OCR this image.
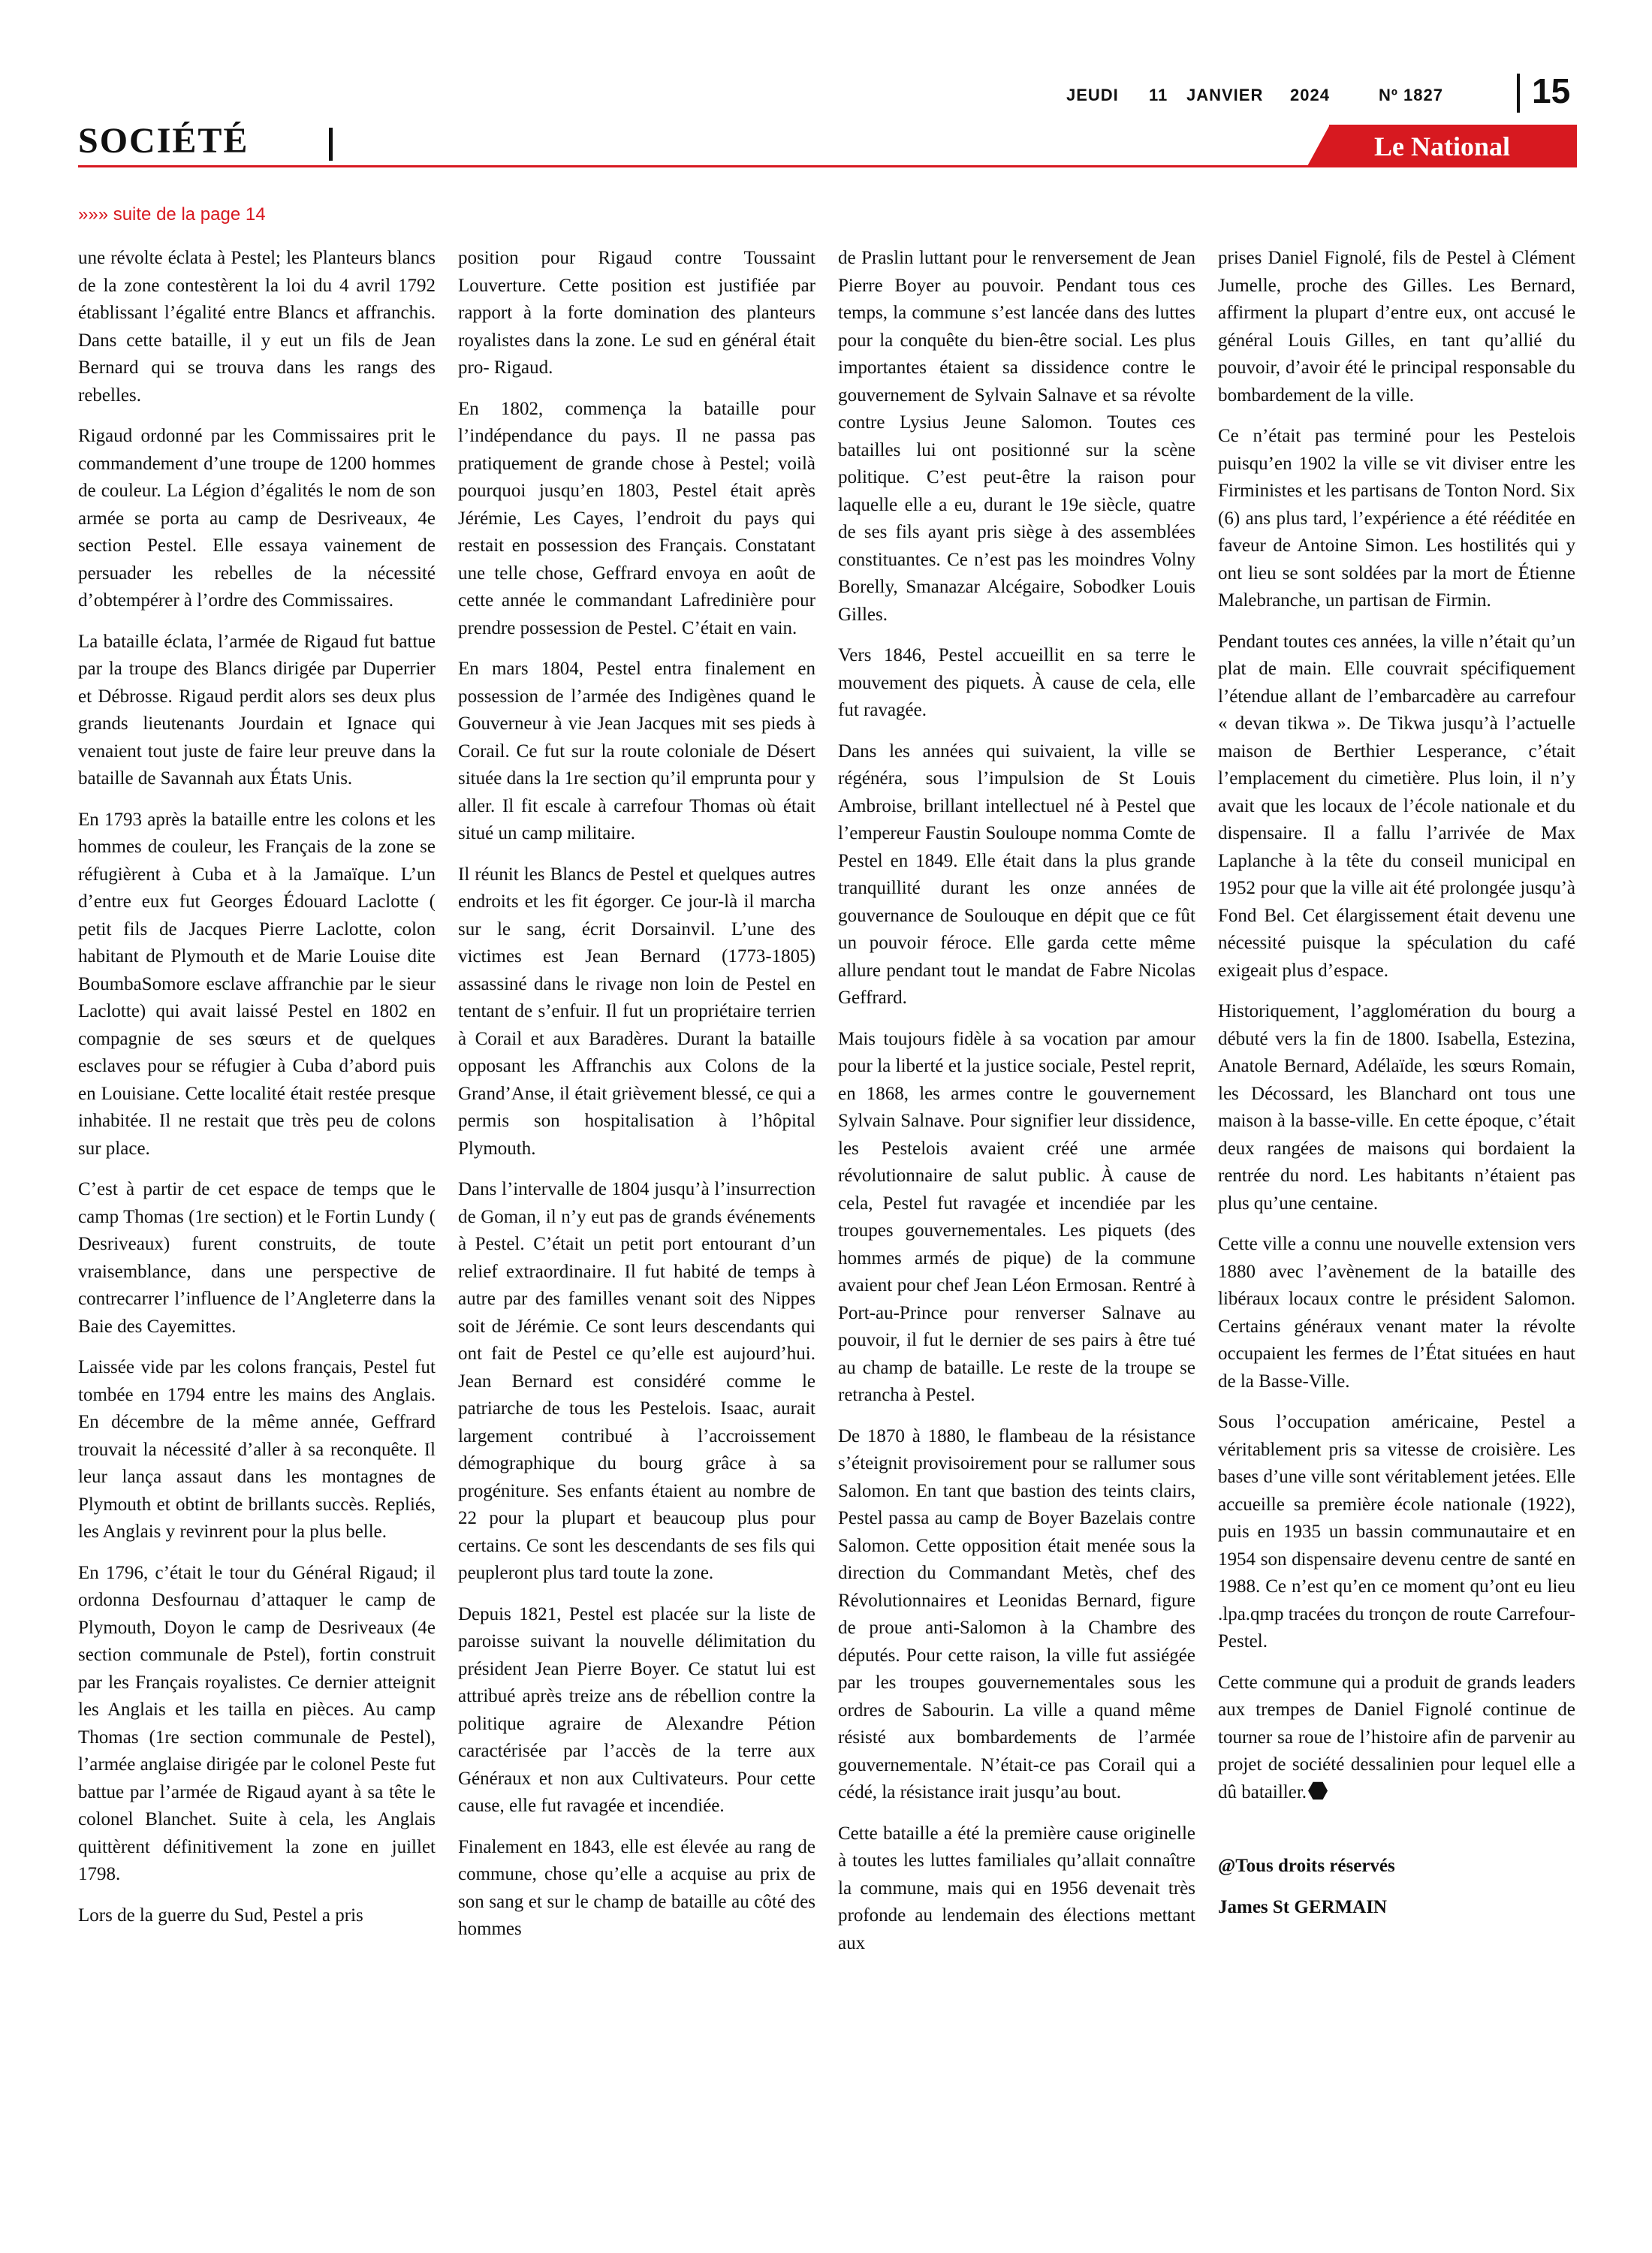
JEUDI 11 JANVIER 2024	Nº 1827	15
SOCIÉTÉ	Le National
»»» suite de la page 14

une révolte éclata à Pestel; les Planteurs blancs de la zone contestèrent la loi du 4 avril 1792 établissant l’égalité entre Blancs et affranchis. Dans cette bataille, il y eut un fils de Jean Bernard qui se trouva dans les rangs des rebelles.

Rigaud ordonné par les Commissaires prit le commandement d’une troupe de 1200 hommes de couleur. La Légion d’égalités le nom de son armée se porta au camp de Desriveaux, 4e section Pestel. Elle essaya vainement de persuader les rebelles de la nécessité d’obtempérer à l’ordre des Commissaires.

La bataille éclata, l’armée de Rigaud fut battue par la troupe des Blancs dirigée par Duperrier et Débrosse. Rigaud perdit alors ses deux plus grands lieutenants Jourdain et Ignace qui venaient tout juste de faire leur preuve dans la bataille de Savannah aux États Unis.

En 1793 après la bataille entre les colons et les hommes de couleur, les Français de la zone se réfugièrent à Cuba et à la Jamaïque. L’un d’entre eux fut Georges Édouard Laclotte ( petit fils de Jacques Pierre Laclotte, colon habitant de Plymouth et de Marie Louise dite BoumbaSomore esclave affranchie par le sieur Laclotte) qui avait laissé Pestel en 1802 en compagnie de ses sœurs et de quelques esclaves pour se réfugier à Cuba d’abord puis en Louisiane. Cette localité était restée presque inhabitée. Il ne restait que très peu de colons sur place.

C’est à partir de cet espace de temps que le camp Thomas (1re section) et le Fortin Lundy ( Desriveaux) furent construits, de toute vraisemblance, dans une perspective de contrecarrer l’influence de l’Angleterre dans la Baie des Cayemittes.

Laissée vide par les colons français, Pestel fut tombée en 1794 entre les mains des Anglais. En décembre de la même année, Geffrard trouvait la nécessité d’aller à sa reconquête. Il leur lança assaut dans les montagnes de Plymouth et obtint de brillants succès. Repliés, les Anglais y revinrent pour la plus belle.

En 1796, c’était le tour du Général Rigaud; il ordonna Desfournau d’attaquer le camp de Plymouth, Doyon le camp de Desriveaux (4e section communale de Pstel), fortin construit par les Français royalistes. Ce dernier atteignit les Anglais et les tailla en pièces. Au camp Thomas (1re section communale de Pestel), l’armée anglaise dirigée par le colonel Peste fut battue par l’armée de Rigaud ayant à sa tête le colonel Blanchet. Suite à cela, les Anglais quittèrent définitivement la zone en juillet 1798.

Lors de la guerre du Sud, Pestel a pris

position pour Rigaud contre Toussaint Louverture. Cette position est justifiée par rapport à la forte domination des planteurs royalistes dans la zone. Le sud en général était pro- Rigaud.

En 1802, commença la bataille pour l’indépendance du pays. Il ne passa pas pratiquement de grande chose à Pestel; voilà pourquoi jusqu’en 1803, Pestel était après Jérémie, Les Cayes, l’endroit du pays qui restait en possession des Français. Constatant une telle chose, Geffrard envoya en août de cette année le commandant Lafredinière pour prendre possession de Pestel. C’était en vain.

En mars 1804, Pestel entra finalement en possession de l’armée des Indigènes quand le Gouverneur à vie Jean Jacques mit ses pieds à Corail. Ce fut sur la route coloniale de Désert située dans la 1re section qu’il emprunta pour y aller. Il fit escale à carrefour Thomas où était situé un camp militaire.

Il réunit les Blancs de Pestel et quelques autres endroits et les fit égorger. Ce jour-là il marcha sur le sang, écrit Dorsainvil. L’une des victimes est Jean Bernard (1773-1805) assassiné dans le rivage non loin de Pestel en tentant de s’enfuir. Il fut un propriétaire terrien à Corail et aux Baradères. Durant la bataille opposant les Affranchis aux Colons de la Grand’Anse, il était grièvement blessé, ce qui a permis son hospitalisation à l’hôpital Plymouth.

Dans l’intervalle de 1804 jusqu’à l’insurrection de Goman, il n’y eut pas de grands événements à Pestel. C’était un petit port entourant d’un relief extraordinaire. Il fut habité de temps à autre par des familles venant soit des Nippes soit de Jérémie. Ce sont leurs descendants qui ont fait de Pestel ce qu’elle est aujourd’hui. Jean Bernard est considéré comme le patriarche de tous les Pestelois. Isaac, aurait largement contribué à l’accroissement démographique du bourg grâce à sa progéniture. Ses enfants étaient au nombre de 22 pour la plupart et beaucoup plus pour certains. Ce sont les descendants de ses fils qui peupleront plus tard toute la zone.

Depuis 1821, Pestel est placée sur la liste de paroisse suivant la nouvelle délimitation du président Jean Pierre Boyer. Ce statut lui est attribué après treize ans de rébellion contre la politique agraire de Alexandre Pétion caractérisée par l’accès de la terre aux Généraux et non aux Cultivateurs. Pour cette cause, elle fut ravagée et incendiée.

Finalement en 1843, elle est élevée au rang de commune, chose qu’elle a acquise au prix de son sang et sur le champ de bataille au côté des hommes

de Praslin luttant pour le renversement de Jean Pierre Boyer au pouvoir. Pendant tous ces temps, la commune s’est lancée dans des luttes pour la conquête du bien-être social. Les plus importantes étaient sa dissidence contre le gouvernement de Sylvain Salnave et sa révolte contre Lysius Jeune Salomon. Toutes ces batailles lui ont positionné sur la scène politique. C’est peut-être la raison pour laquelle elle a eu, durant le 19e siècle, quatre de ses fils ayant pris siège à des assemblées constituantes. Ce n’est pas les moindres Volny Borelly, Smanazar Alcégaire, Sobodker Louis Gilles.

Vers 1846, Pestel accueillit en sa terre le mouvement des piquets. À cause de cela, elle fut ravagée.

Dans les années qui suivaient, la ville se régénéra, sous l’impulsion de St Louis Ambroise, brillant intellectuel né à Pestel que l’empereur Faustin Souloupe nomma Comte de Pestel en 1849. Elle était dans la plus grande tranquillité durant les onze années de gouvernance de Soulouque en dépit que ce fût un pouvoir féroce. Elle garda cette même allure pendant tout le mandat de Fabre Nicolas Geffrard.

Mais toujours fidèle à sa vocation par amour pour la liberté et la justice sociale, Pestel reprit, en 1868, les armes contre le gouvernement Sylvain Salnave. Pour signifier leur dissidence, les Pestelois avaient créé une armée révolutionnaire de salut public. À cause de cela, Pestel fut ravagée et incendiée par les troupes gouvernementales. Les piquets (des hommes armés de pique) de la commune avaient pour chef Jean Léon Ermosan. Rentré à Port-au-Prince pour renverser Salnave au pouvoir, il fut le dernier de ses pairs à être tué au champ de bataille. Le reste de la troupe se retrancha à Pestel.

De 1870 à 1880, le flambeau de la résistance s’éteignit provisoirement pour se rallumer sous Salomon. En tant que bastion des teints clairs, Pestel passa au camp de Boyer Bazelais contre Salomon. Cette opposition était menée sous la direction du Commandant Metès, chef des Révolutionnaires et Leonidas Bernard, figure de proue anti-Salomon à la Chambre des députés. Pour cette raison, la ville fut assiégée par les troupes gouvernementales sous les ordres de Sabourin. La ville a quand même résisté aux bombardements de l’armée gouvernementale. N’était-ce pas Corail qui a cédé, la résistance irait jusqu’au bout.

Cette bataille a été la première cause originelle à toutes les luttes familiales qu’allait connaître la commune, mais qui en 1956 devenait très profonde au lendemain des élections mettant aux

prises Daniel Fignolé, fils de Pestel à Clément Jumelle, proche des Gilles. Les Bernard, affirment la plupart d’entre eux, ont accusé le général Louis Gilles, en tant qu’allié du pouvoir, d’avoir été le principal responsable du bombardement de la ville.

Ce n’était pas terminé pour les Pestelois puisqu’en 1902 la ville se vit diviser entre les Firministes et les partisans de Tonton Nord. Six (6) ans plus tard, l’expérience a été rééditée en faveur de Antoine Simon. Les hostilités qui y ont lieu se sont soldées par la mort de Étienne Malebranche, un partisan de Firmin.

Pendant toutes ces années, la ville n’était qu’un plat de main. Elle couvrait spécifiquement l’étendue allant de l’embarcadère au carrefour « devan tikwa ». De Tikwa jusqu’à l’actuelle maison de Berthier Lesperance, c’était l’emplacement du cimetière. Plus loin, il n’y avait que les locaux de l’école nationale et du dispensaire. Il a fallu l’arrivée de Max Laplanche à la tête du conseil municipal en 1952 pour que la ville ait été prolongée jusqu’à Fond Bel. Cet élargissement était devenu une nécessité puisque la spéculation du café exigeait plus d’espace.

Historiquement, l’agglomération du bourg a débuté vers la fin de 1800. Isabella, Estezina, Anatole Bernard, Adélaïde, les sœurs Romain, les Décossard, les Blanchard ont tous une maison à la basse-ville. En cette époque, c’était deux rangées de maisons qui bordaient la rentrée du nord. Les habitants n’étaient pas plus qu’une centaine.

Cette ville a connu une nouvelle extension vers 1880 avec l’avènement de la bataille des libéraux locaux contre le président Salomon. Certains généraux venant mater la révolte occupaient les fermes de l’État situées en haut de la Basse-Ville.

Sous l’occupation américaine, Pestel a véritablement pris sa vitesse de croisière. Les bases d’une ville sont véritablement jetées. Elle accueille sa première école nationale (1922), puis en 1935 un bassin communautaire et en 1954 son dispensaire devenu centre de santé en 1988. Ce n’est qu’en ce moment qu’ont eu lieu .lpa.qmp tracées du tronçon de route Carrefour-Pestel.

Cette commune qui a produit de grands leaders aux trempes de Daniel Fignolé continue de tourner sa roue de l’histoire afin de parvenir au projet de société dessalinien pour lequel elle a dû batailler.

@Tous droits réservés

James St GERMAIN
